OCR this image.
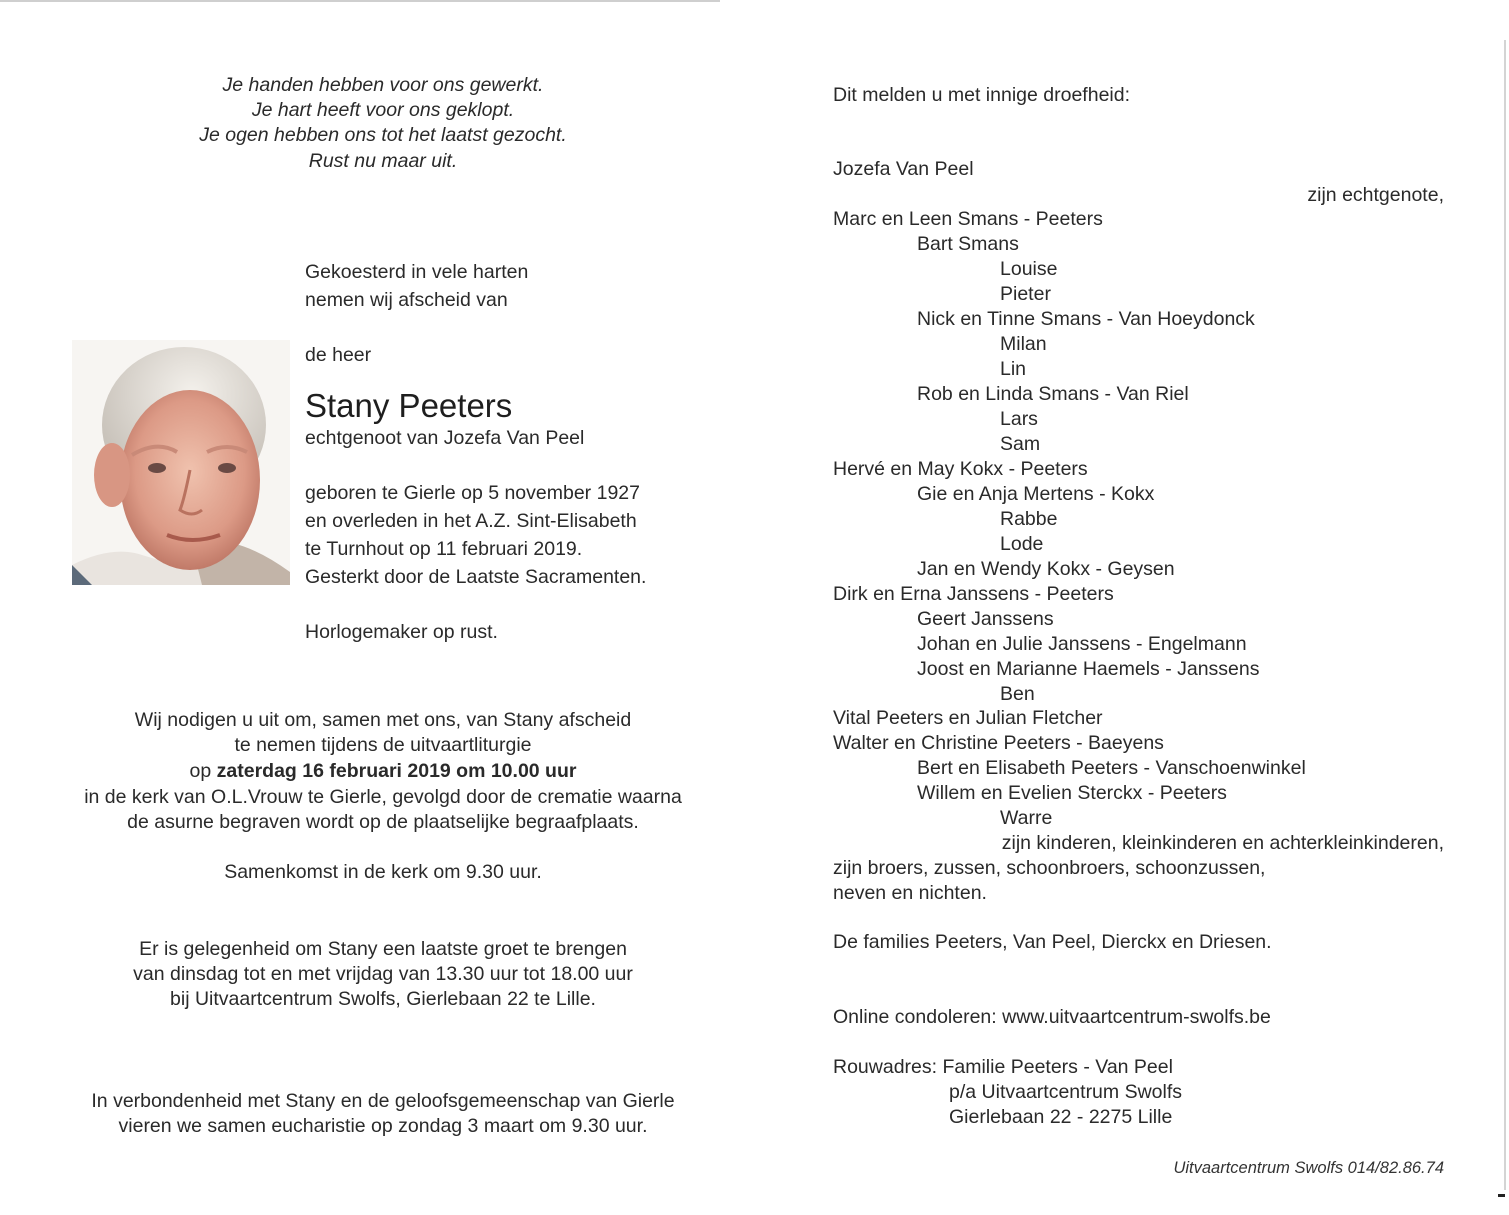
Je handen hebben voor ons gewerkt.
Je hart heeft voor ons geklopt.
Je ogen hebben ons tot het laatst gezocht.
Rust nu maar uit.
Gekoesterd in vele harten
nemen wij afscheid van
de heer
Stany Peeters
echtgenoot van Jozefa Van Peel
geboren te Gierle op 5 november 1927
en overleden in het A.Z. Sint-Elisabeth
te Turnhout op 11 februari 2019.
Gesterkt door de Laatste Sacramenten.
Horlogemaker op rust.
Wij nodigen u uit om, samen met ons, van Stany afscheid
te nemen tijdens de uitvaartliturgie
op zaterdag 16 februari 2019 om 10.00 uur
in de kerk van O.L.Vrouw te Gierle, gevolgd door de crematie waarna
de asurne begraven wordt op de plaatselijke begraafplaats.
Samenkomst in de kerk om 9.30 uur.
Er is gelegenheid om Stany een laatste groet te brengen
van dinsdag tot en met vrijdag van 13.30 uur tot 18.00 uur
bij Uitvaartcentrum Swolfs, Gierlebaan 22 te Lille.
In verbondenheid met Stany en de geloofsgemeenschap van Gierle
vieren we samen eucharistie op zondag 3 maart om 9.30 uur.
Dit melden u met innige droefheid:
Jozefa Van Peel
zijn echtgenote,
Marc en Leen Smans - Peeters
Bart Smans
Louise
Pieter
Nick en Tinne Smans - Van Hoeydonck
Milan
Lin
Rob en Linda Smans - Van Riel
Lars
Sam
Hervé en May Kokx - Peeters
Gie en Anja Mertens - Kokx
Rabbe
Lode
Jan en Wendy Kokx - Geysen
Dirk en Erna Janssens - Peeters
Geert Janssens
Johan en Julie Janssens - Engelmann
Joost en Marianne Haemels - Janssens
Ben
Vital Peeters en Julian Fletcher
Walter en Christine Peeters - Baeyens
Bert en Elisabeth Peeters - Vanschoenwinkel
Willem en Evelien Sterckx - Peeters
Warre
zijn kinderen, kleinkinderen en achterkleinkinderen,
zijn broers, zussen, schoonbroers, schoonzussen,
neven en nichten.
De families Peeters, Van Peel, Dierckx en Driesen.
Online condoleren: www.uitvaartcentrum-swolfs.be
Rouwadres: Familie Peeters - Van Peel
p/a Uitvaartcentrum Swolfs
Gierlebaan 22 - 2275 Lille
Uitvaartcentrum Swolfs 014/82.86.74
